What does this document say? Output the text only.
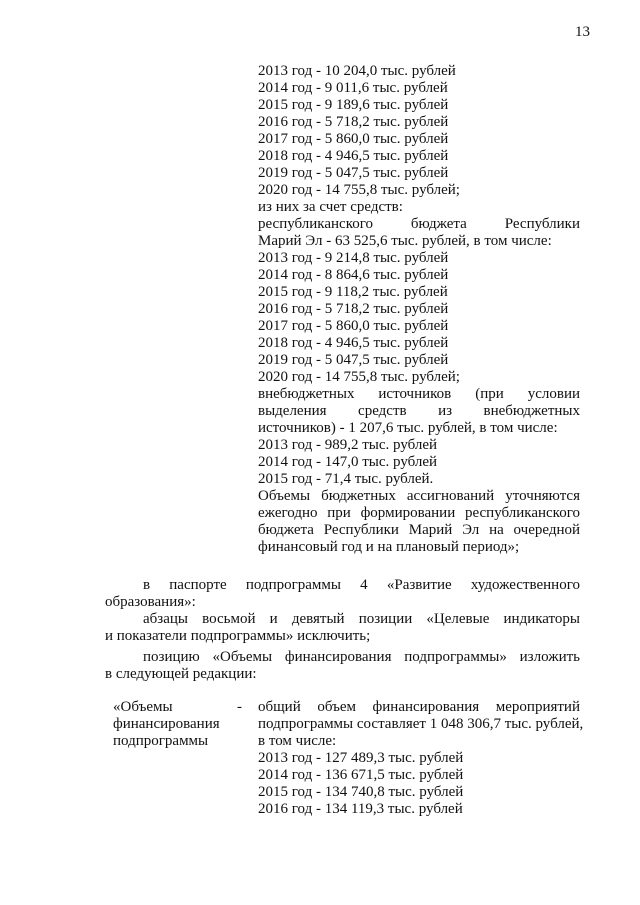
13
2013 год - 10 204,0 тыс. рублей
2014 год - 9 011,6 тыс. рублей
2015 год - 9 189,6 тыс. рублей
2016 год - 5 718,2 тыс. рублей
2017 год - 5 860,0 тыс. рублей
2018 год - 4 946,5 тыс. рублей
2019 год - 5 047,5 тыс. рублей
2020 год - 14 755,8 тыс. рублей;
из них за счет средств:
республиканского бюджета Республики
Марий Эл - 63 525,6 тыс. рублей, в том числе:
2013 год - 9 214,8 тыс. рублей
2014 год - 8 864,6 тыс. рублей
2015 год - 9 118,2 тыс. рублей
2016 год - 5 718,2 тыс. рублей
2017 год - 5 860,0 тыс. рублей
2018 год - 4 946,5 тыс. рублей
2019 год - 5 047,5 тыс. рублей
2020 год - 14 755,8 тыс. рублей;
внебюджетных источников (при условии
выделения средств из внебюджетных
источников) - 1 207,6 тыс. рублей, в том числе:
2013 год - 989,2 тыс. рублей
2014 год - 147,0 тыс. рублей
2015 год - 71,4 тыс. рублей.
Объемы бюджетных ассигнований уточняются
ежегодно при формировании республиканского
бюджета Республики Марий Эл на очередной
финансовый год и на плановый период»;
в паспорте подпрограммы 4 «Развитие художественного
образования»:
абзацы восьмой и девятый позиции «Целевые индикаторы
и показатели подпрограммы» исключить;
позицию «Объемы финансирования подпрограммы» изложить
в следующей редакции:
«Объемы
финансирования
подпрограммы
- общий объем финансирования мероприятий
подпрограммы составляет 1 048 306,7 тыс. рублей,
в том числе:
2013 год - 127 489,3 тыс. рублей
2014 год - 136 671,5 тыс. рублей
2015 год - 134 740,8 тыс. рублей
2016 год - 134 119,3 тыс. рублей
